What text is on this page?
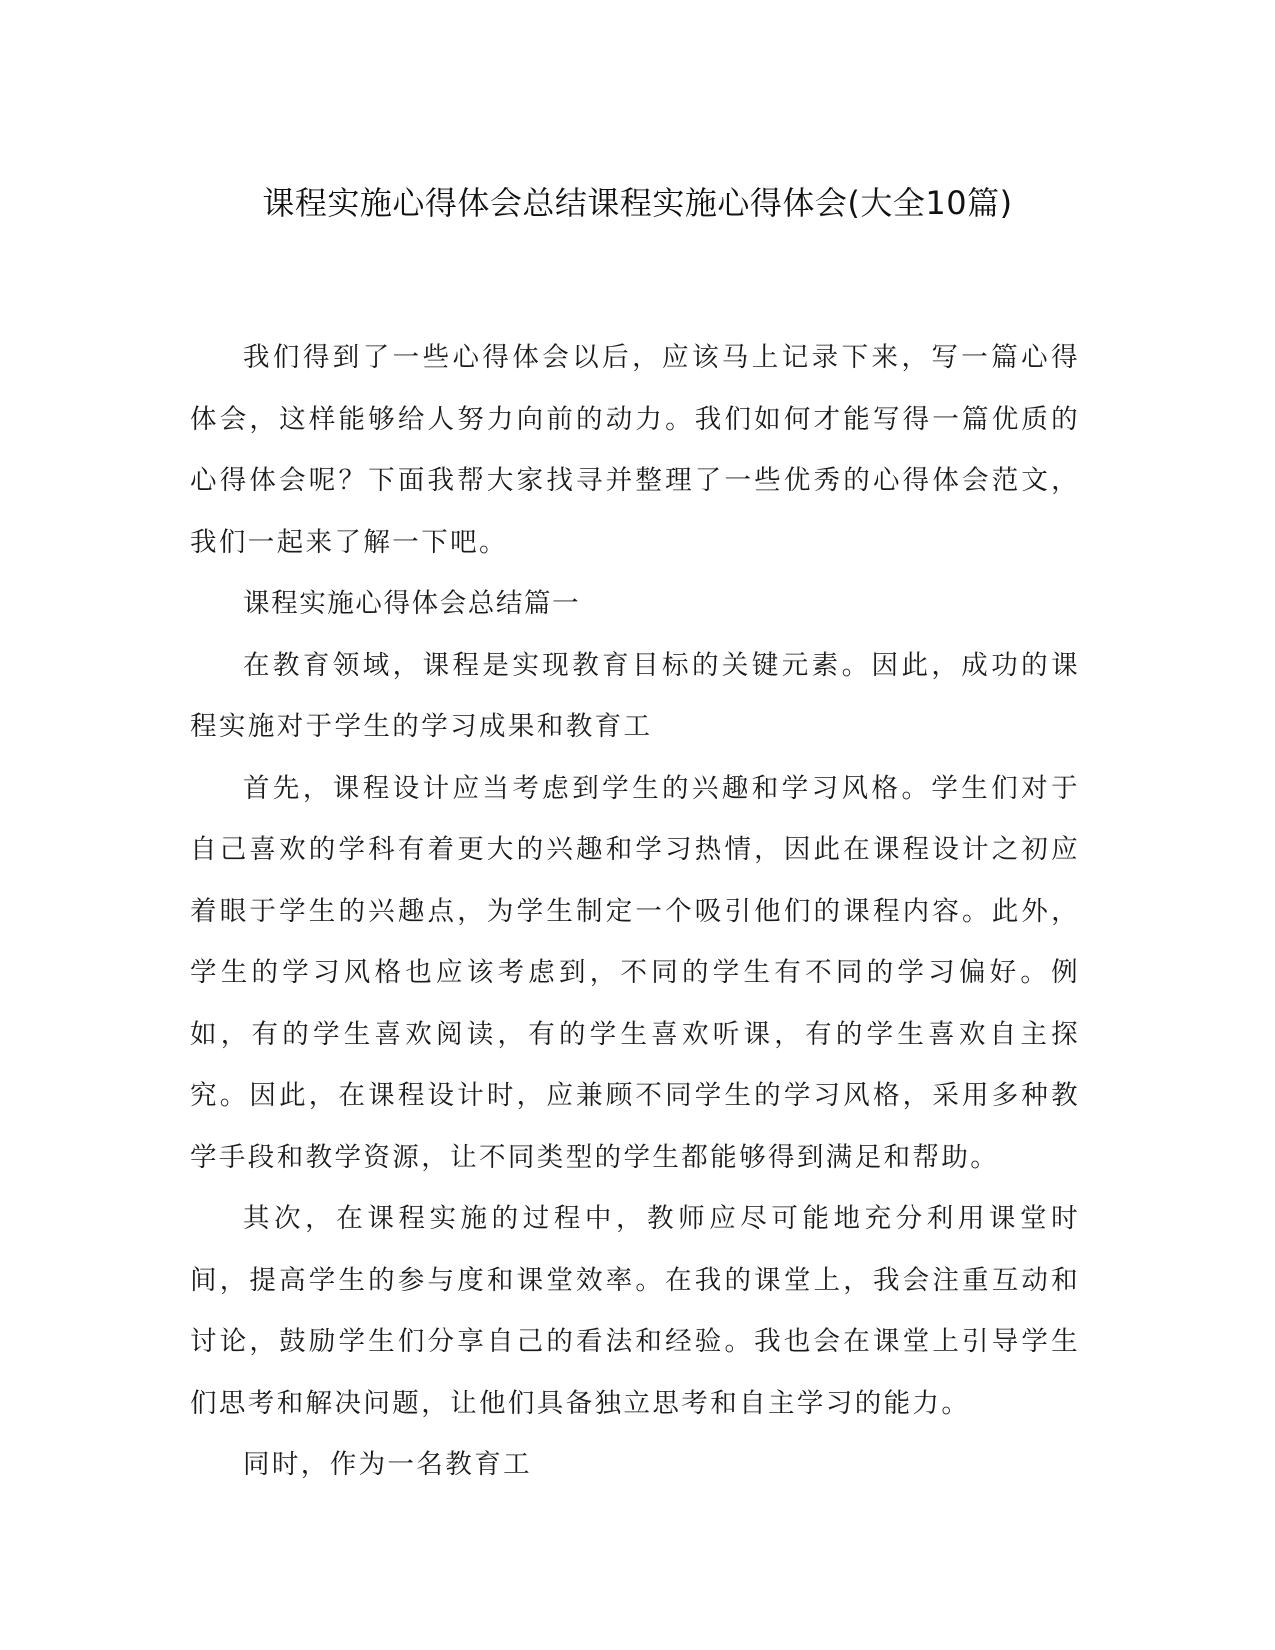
课程实施心得体会总结课程实施心得体会(大全10篇)

我们得到了一些心得体会以后，应该马上记录下来，写一篇心得体会，这样能够给人努力向前的动力。我们如何才能写得一篇优质的心得体会呢？下面我帮大家找寻并整理了一些优秀的心得体会范文，我们一起来了解一下吧。

课程实施心得体会总结篇一

在教育领域，课程是实现教育目标的关键元素。因此，成功的课程实施对于学生的学习成果和教育工

首先，课程设计应当考虑到学生的兴趣和学习风格。学生们对于自己喜欢的学科有着更大的兴趣和学习热情，因此在课程设计之初应着眼于学生的兴趣点，为学生制定一个吸引他们的课程内容。此外，学生的学习风格也应该考虑到，不同的学生有不同的学习偏好。例如，有的学生喜欢阅读，有的学生喜欢听课，有的学生喜欢自主探究。因此，在课程设计时，应兼顾不同学生的学习风格，采用多种教学手段和教学资源，让不同类型的学生都能够得到满足和帮助。

其次，在课程实施的过程中，教师应尽可能地充分利用课堂时间，提高学生的参与度和课堂效率。在我的课堂上，我会注重互动和讨论，鼓励学生们分享自己的看法和经验。我也会在课堂上引导学生们思考和解决问题，让他们具备独立思考和自主学习的能力。

同时，作为一名教育工
